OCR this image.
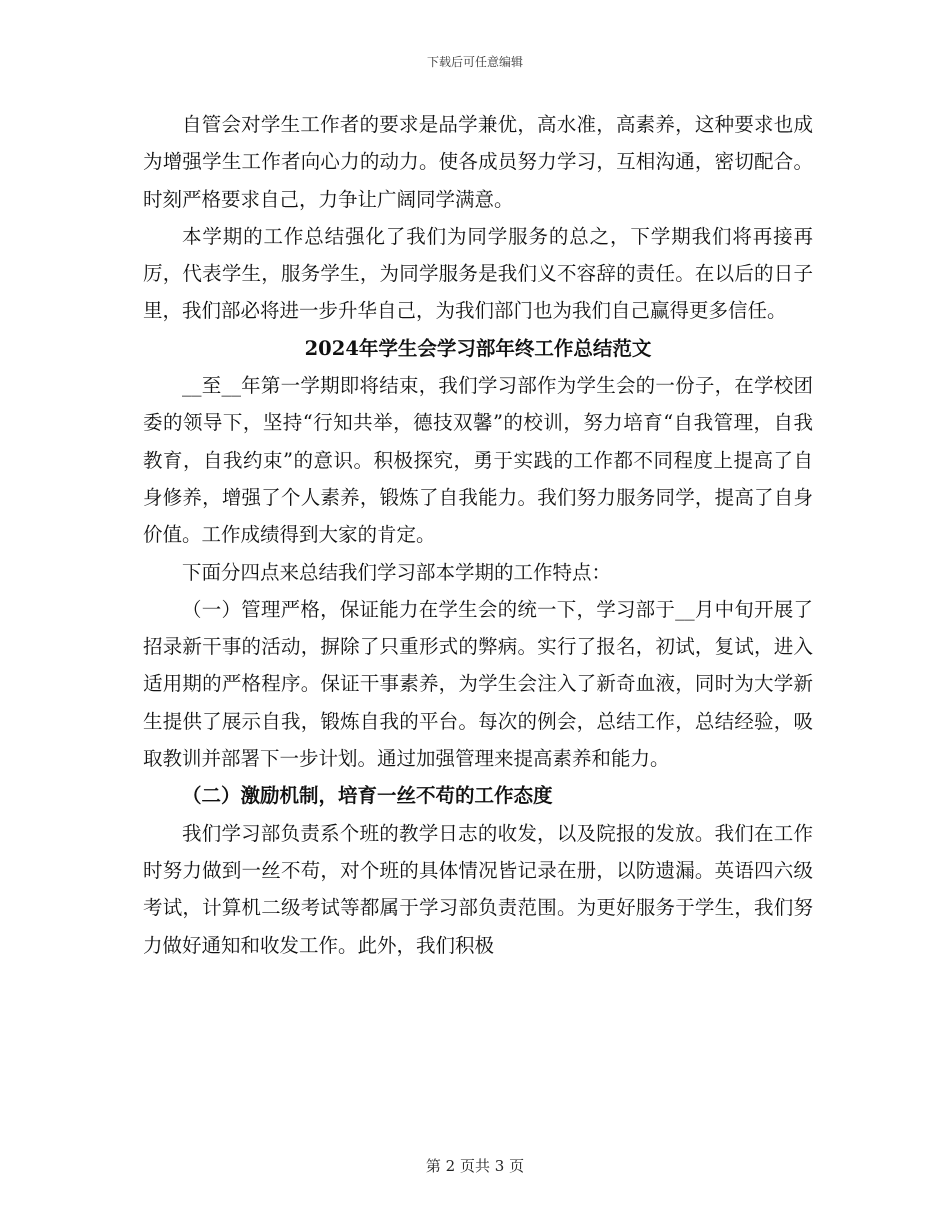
下载后可任意编辑

自管会对学生工作者的要求是品学兼优，高水准，高素养，这种要求也成为增强学生工作者向心力的动力。使各成员努力学习，互相沟通，密切配合。时刻严格要求自己，力争让广阔同学满意。

本学期的工作总结强化了我们为同学服务的总之，下学期我们将再接再厉，代表学生，服务学生，为同学服务是我们义不容辞的责任。在以后的日子里，我们部必将进一步升华自己，为我们部门也为我们自己赢得更多信任。

2024年学生会学习部年终工作总结范文

__至__年第一学期即将结束，我们学习部作为学生会的一份子，在学校团委的领导下，坚持“行知共举，德技双馨”的校训，努力培育“自我管理，自我教育，自我约束”的意识。积极探究，勇于实践的工作都不同程度上提高了自身修养，增强了个人素养，锻炼了自我能力。我们努力服务同学，提高了自身价值。工作成绩得到大家的肯定。

下面分四点来总结我们学习部本学期的工作特点：

（一）管理严格，保证能力在学生会的统一下，学习部于__月中旬开展了招录新干事的活动，摒除了只重形式的弊病。实行了报名，初试，复试，进入适用期的严格程序。保证干事素养，为学生会注入了新奇血液，同时为大学新生提供了展示自我，锻炼自我的平台。每次的例会，总结工作，总结经验，吸取教训并部署下一步计划。通过加强管理来提高素养和能力。

（二）激励机制，培育一丝不苟的工作态度

我们学习部负责系个班的教学日志的收发，以及院报的发放。我们在工作时努力做到一丝不苟，对个班的具体情况皆记录在册，以防遗漏。英语四六级考试，计算机二级考试等都属于学习部负责范围。为更好服务于学生，我们努力做好通知和收发工作。此外，我们积极

第 2 页共 3 页
